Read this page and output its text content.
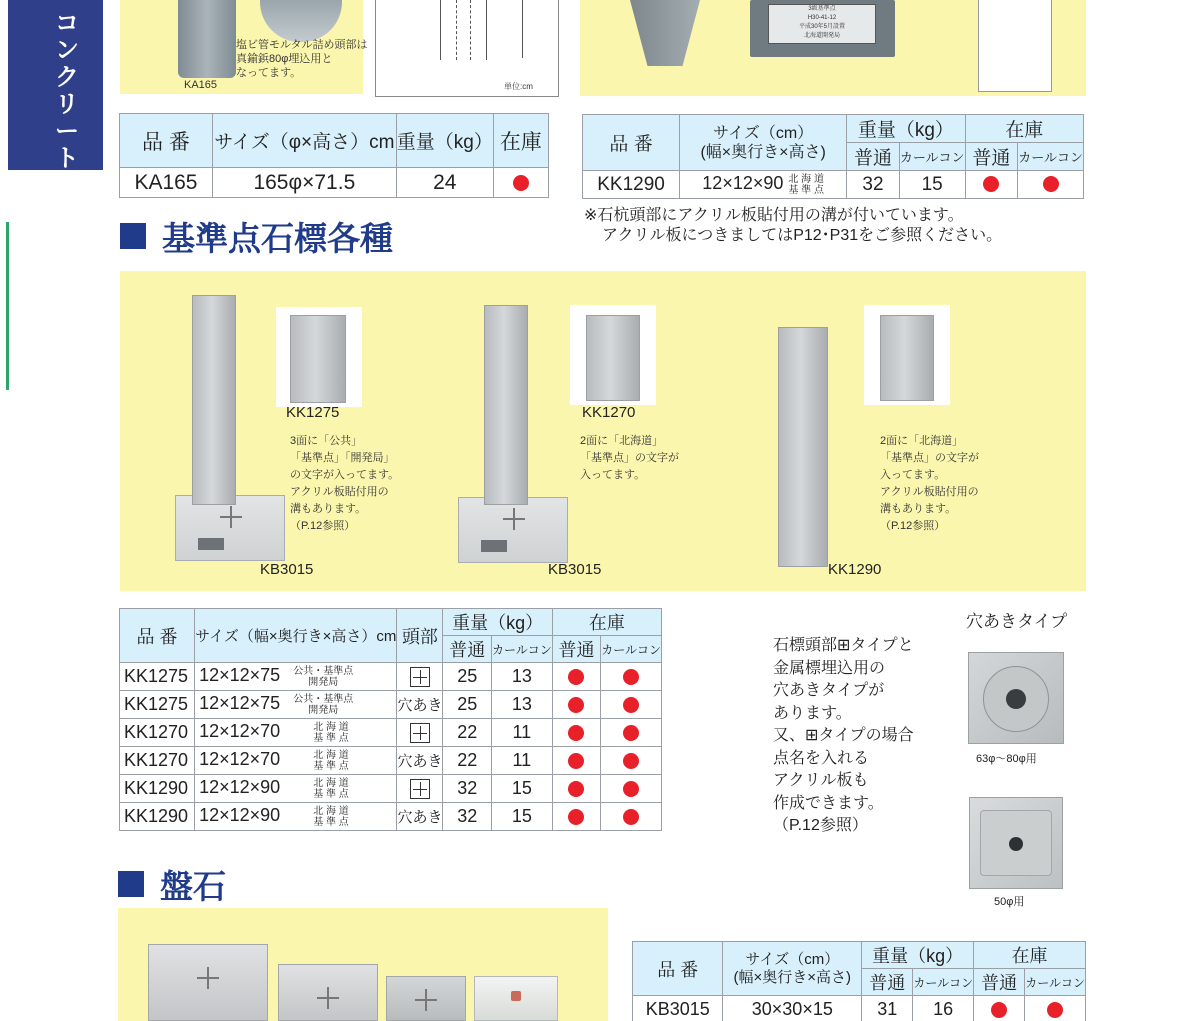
コンクリート製品
塩ビ管モルタル詰め頭部は
真鍮鋲80φ埋込用と
なってます。
KA165	単位:cm
3級基準点
H30-41-12
平成30年5月設置
北海道開発局
品 番	サイズ（φ×高さ）cm	重量（kg）	在庫
KA165	165φ×71.5	24	
品 番	サイズ（cm）
(幅×奥行き×高さ)	重量（kg）		在庫	
		普通	カールコン	普通	カールコン
KK1290	12×12×90 北 海 道
基 準 点	32	15		
※石杭頭部にアクリル板貼付用の溝が付いています。
アクリル板につきましてはP12･P31をご参照ください。
基準点石標各種
KK1275
3面に「公共」
「基準点」「開発局」
の文字が入ってます。
アクリル板貼付用の
溝もあります。
（P.12参照）
KB3015
KK1270
2面に「北海道」
「基準点」の文字が
入ってます。
KB3015
2面に「北海道」
「基準点」の文字が
入ってます。
アクリル板貼付用の
溝もあります。
（P.12参照）
KK1290
品 番	サイズ（幅×奥行き×高さ）cm	頭部	重量（kg）		在庫	
			普通	カールコン	普通	カールコン
KK1275	12×12×75 公共・基準点
開発局		25	13		
KK1275	12×12×75 公共・基準点
開発局	穴あき	25	13		
KK1270	12×12×70 北 海 道
基 準 点		22	11		
KK1270	12×12×70 北 海 道
基 準 点	穴あき	22	11		
KK1290	12×12×90 北 海 道
基 準 点		32	15		
KK1290	12×12×90 北 海 道
基 準 点	穴あき	32	15		
石標頭部⊞タイプと
金属標埋込用の
穴あきタイプが
あります。
又、⊞タイプの場合
点名を入れる
アクリル板も
作成できます。
（P.12参照）
穴あきタイプ
63φ～80φ用
50φ用
盤石
品 番	サイズ（cm）
(幅×奥行き×高さ)	重量（kg）		在庫	
		普通	カールコン	普通	カールコン
KB3015	30×30×15	31	16		
